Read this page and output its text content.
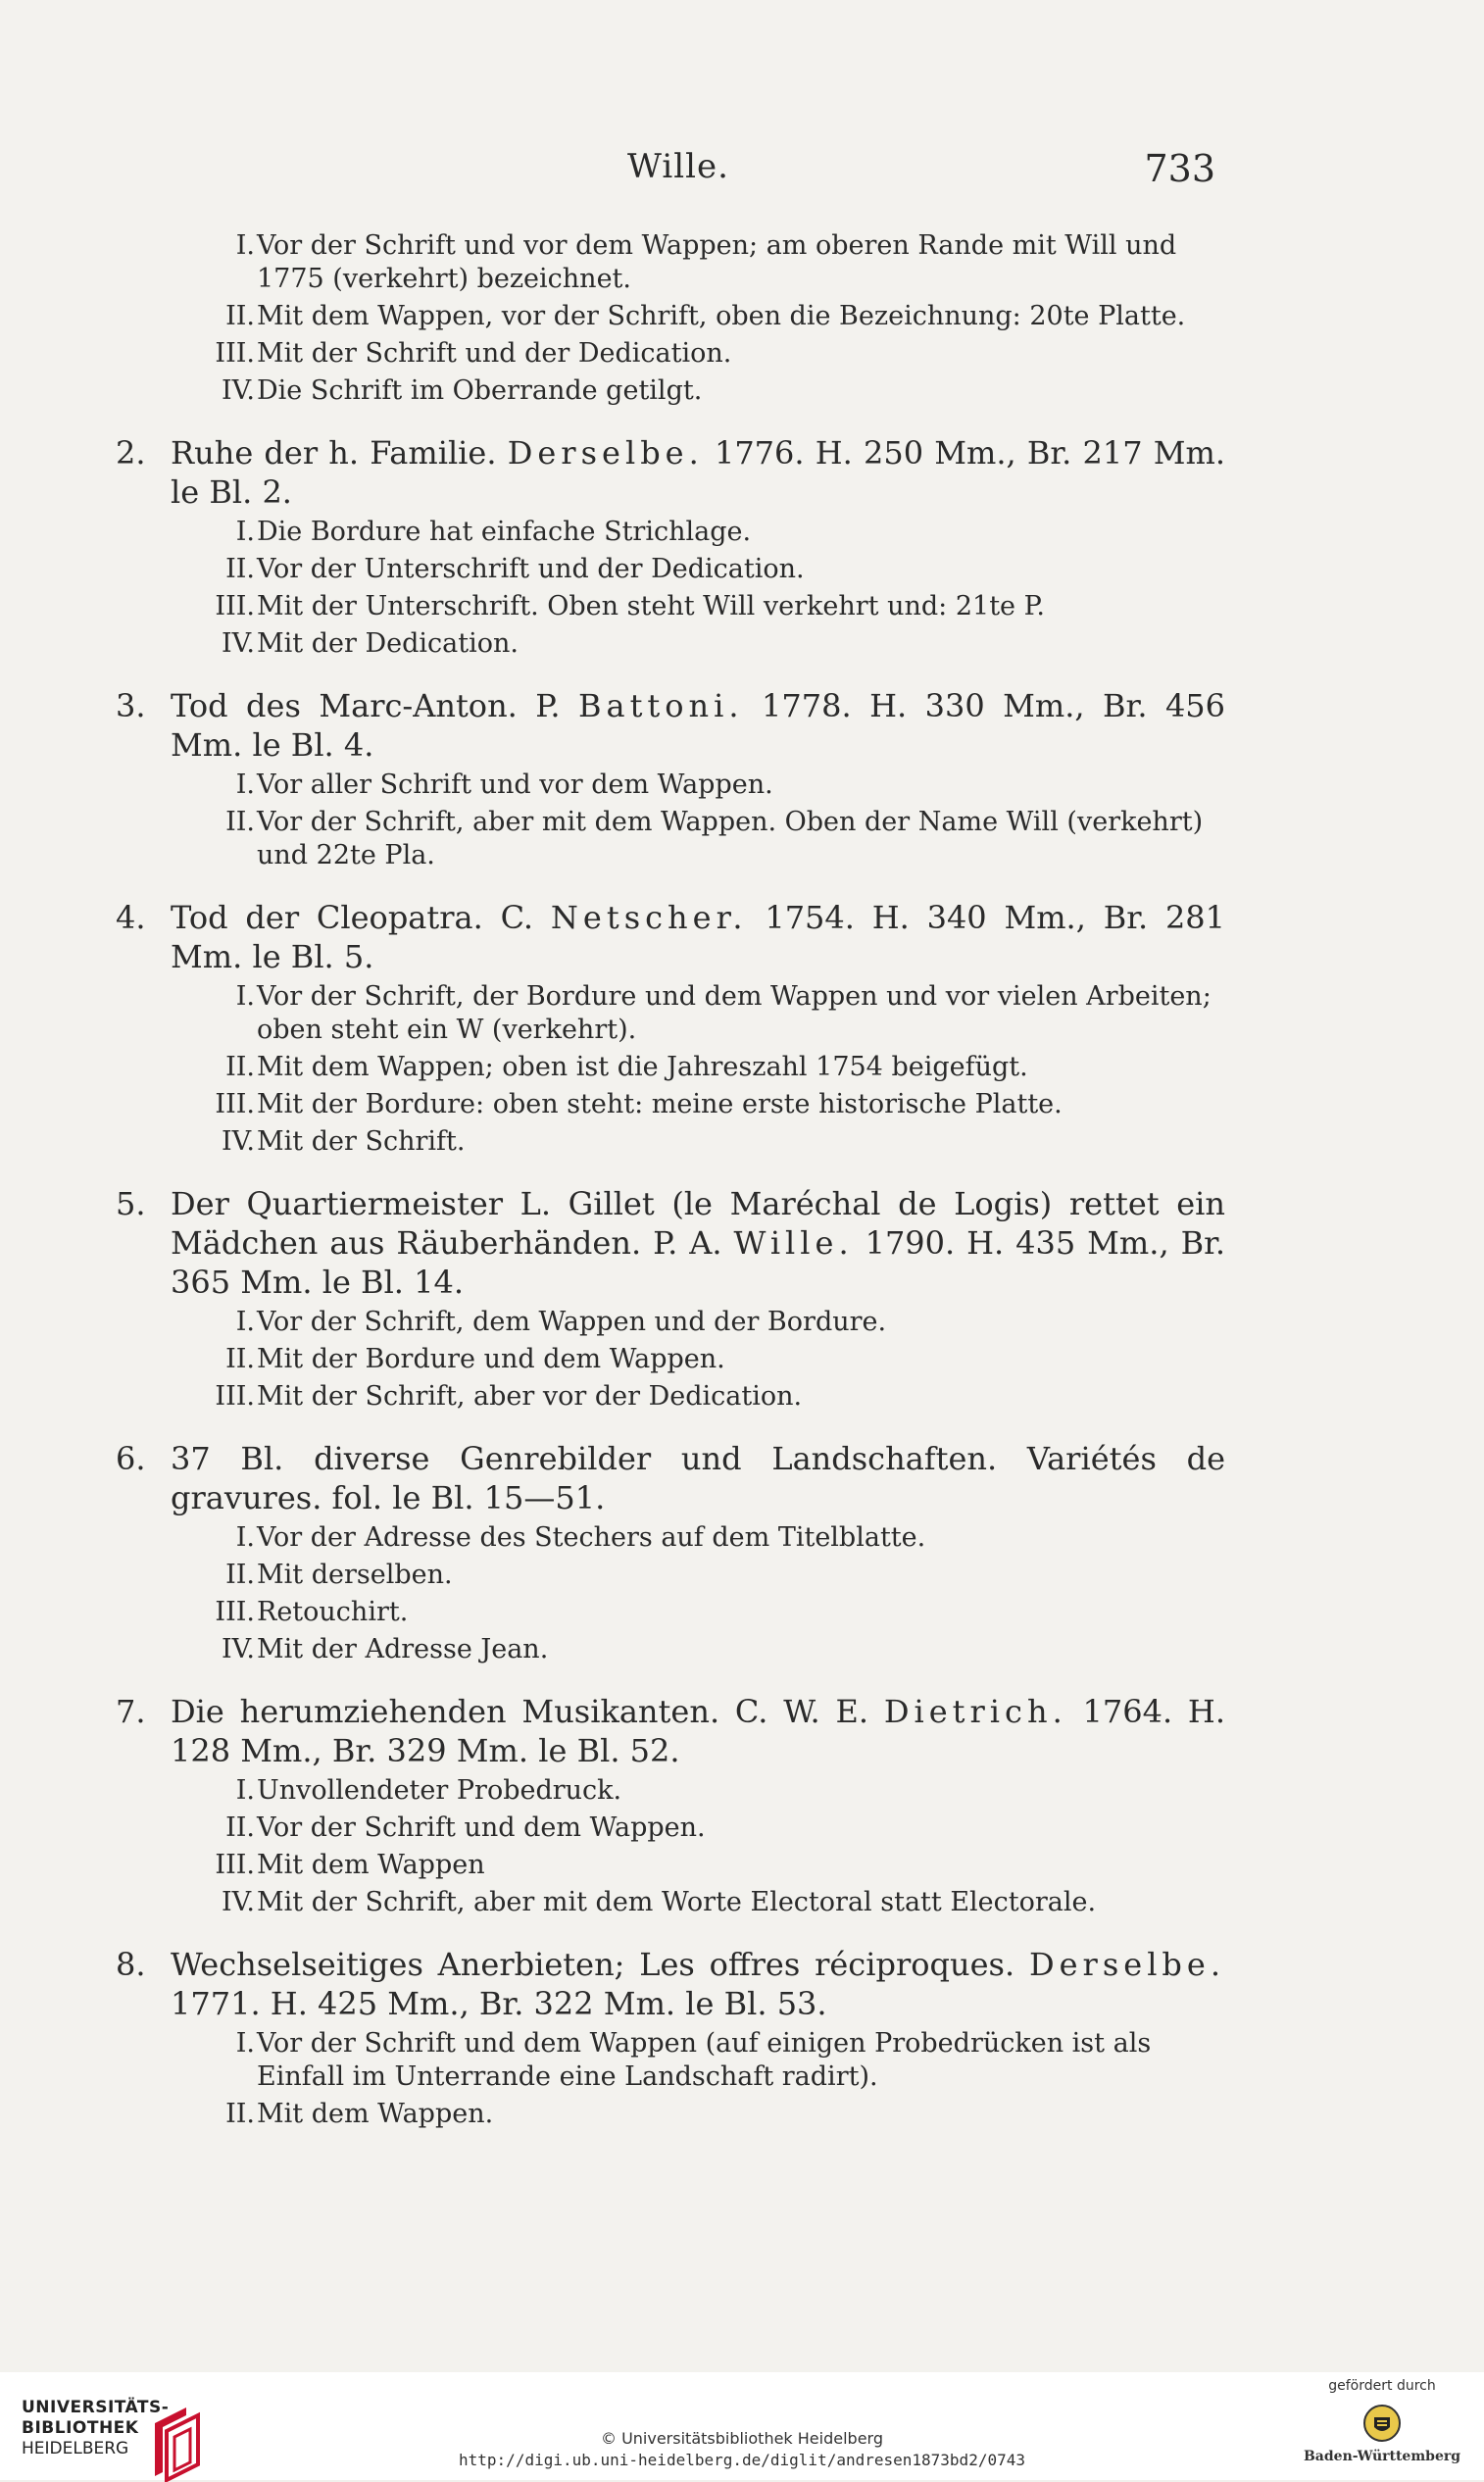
Wille.	733
I. Vor der Schrift und vor dem Wappen; am oberen Rande mit Will und 1775 (verkehrt) bezeichnet.
II. Mit dem Wappen, vor der Schrift, oben die Bezeichnung: 20te Platte.
III. Mit der Schrift und der Dedication.
IV. Die Schrift im Oberrande getilgt.
2. Ruhe der h. Familie. Derselbe. 1776. H. 250 Mm., Br. 217 Mm. le Bl. 2.
I. Die Bordure hat einfache Strichlage.
II. Vor der Unterschrift und der Dedication.
III. Mit der Unterschrift. Oben steht Will verkehrt und: 21te P.
IV. Mit der Dedication.
3. Tod des Marc-Anton. P. Battoni. 1778. H. 330 Mm., Br. 456 Mm. le Bl. 4.
I. Vor aller Schrift und vor dem Wappen.
II. Vor der Schrift, aber mit dem Wappen. Oben der Name Will (verkehrt) und 22te Pla.
4. Tod der Cleopatra. C. Netscher. 1754. H. 340 Mm., Br. 281 Mm. le Bl. 5.
I. Vor der Schrift, der Bordure und dem Wappen und vor vielen Arbeiten; oben steht ein W (verkehrt).
II. Mit dem Wappen; oben ist die Jahreszahl 1754 beigefügt.
III. Mit der Bordure: oben steht: meine erste historische Platte.
IV. Mit der Schrift.
5. Der Quartiermeister L. Gillet (le Maréchal de Logis) rettet ein Mädchen aus Räuberhänden. P. A. Wille. 1790. H. 435 Mm., Br. 365 Mm. le Bl. 14.
I. Vor der Schrift, dem Wappen und der Bordure.
II. Mit der Bordure und dem Wappen.
III. Mit der Schrift, aber vor der Dedication.
6. 37 Bl. diverse Genrebilder und Landschaften. Variétés de gravures. fol. le Bl. 15—51.
I. Vor der Adresse des Stechers auf dem Titelblatte.
II. Mit derselben.
III. Retouchirt.
IV. Mit der Adresse Jean.
7. Die herumziehenden Musikanten. C. W. E. Dietrich. 1764. H. 128 Mm., Br. 329 Mm. le Bl. 52.
I. Unvollendeter Probedruck.
II. Vor der Schrift und dem Wappen.
III. Mit dem Wappen
IV. Mit der Schrift, aber mit dem Worte Electoral statt Electorale.
8. Wechselseitiges Anerbieten; Les offres réciproques. Derselbe. 1771. H. 425 Mm., Br. 322 Mm. le Bl. 53.
I. Vor der Schrift und dem Wappen (auf einigen Probedrücken ist als Einfall im Unterrande eine Landschaft radirt).
II. Mit dem Wappen.
UNIVERSITÄTS-
BIBLIOTHEK
HEIDELBERG
© Universitätsbibliothek Heidelberg
http://digi.ub.uni-heidelberg.de/diglit/andresen1873bd2/0743
gefördert durch
Baden-Württemberg
